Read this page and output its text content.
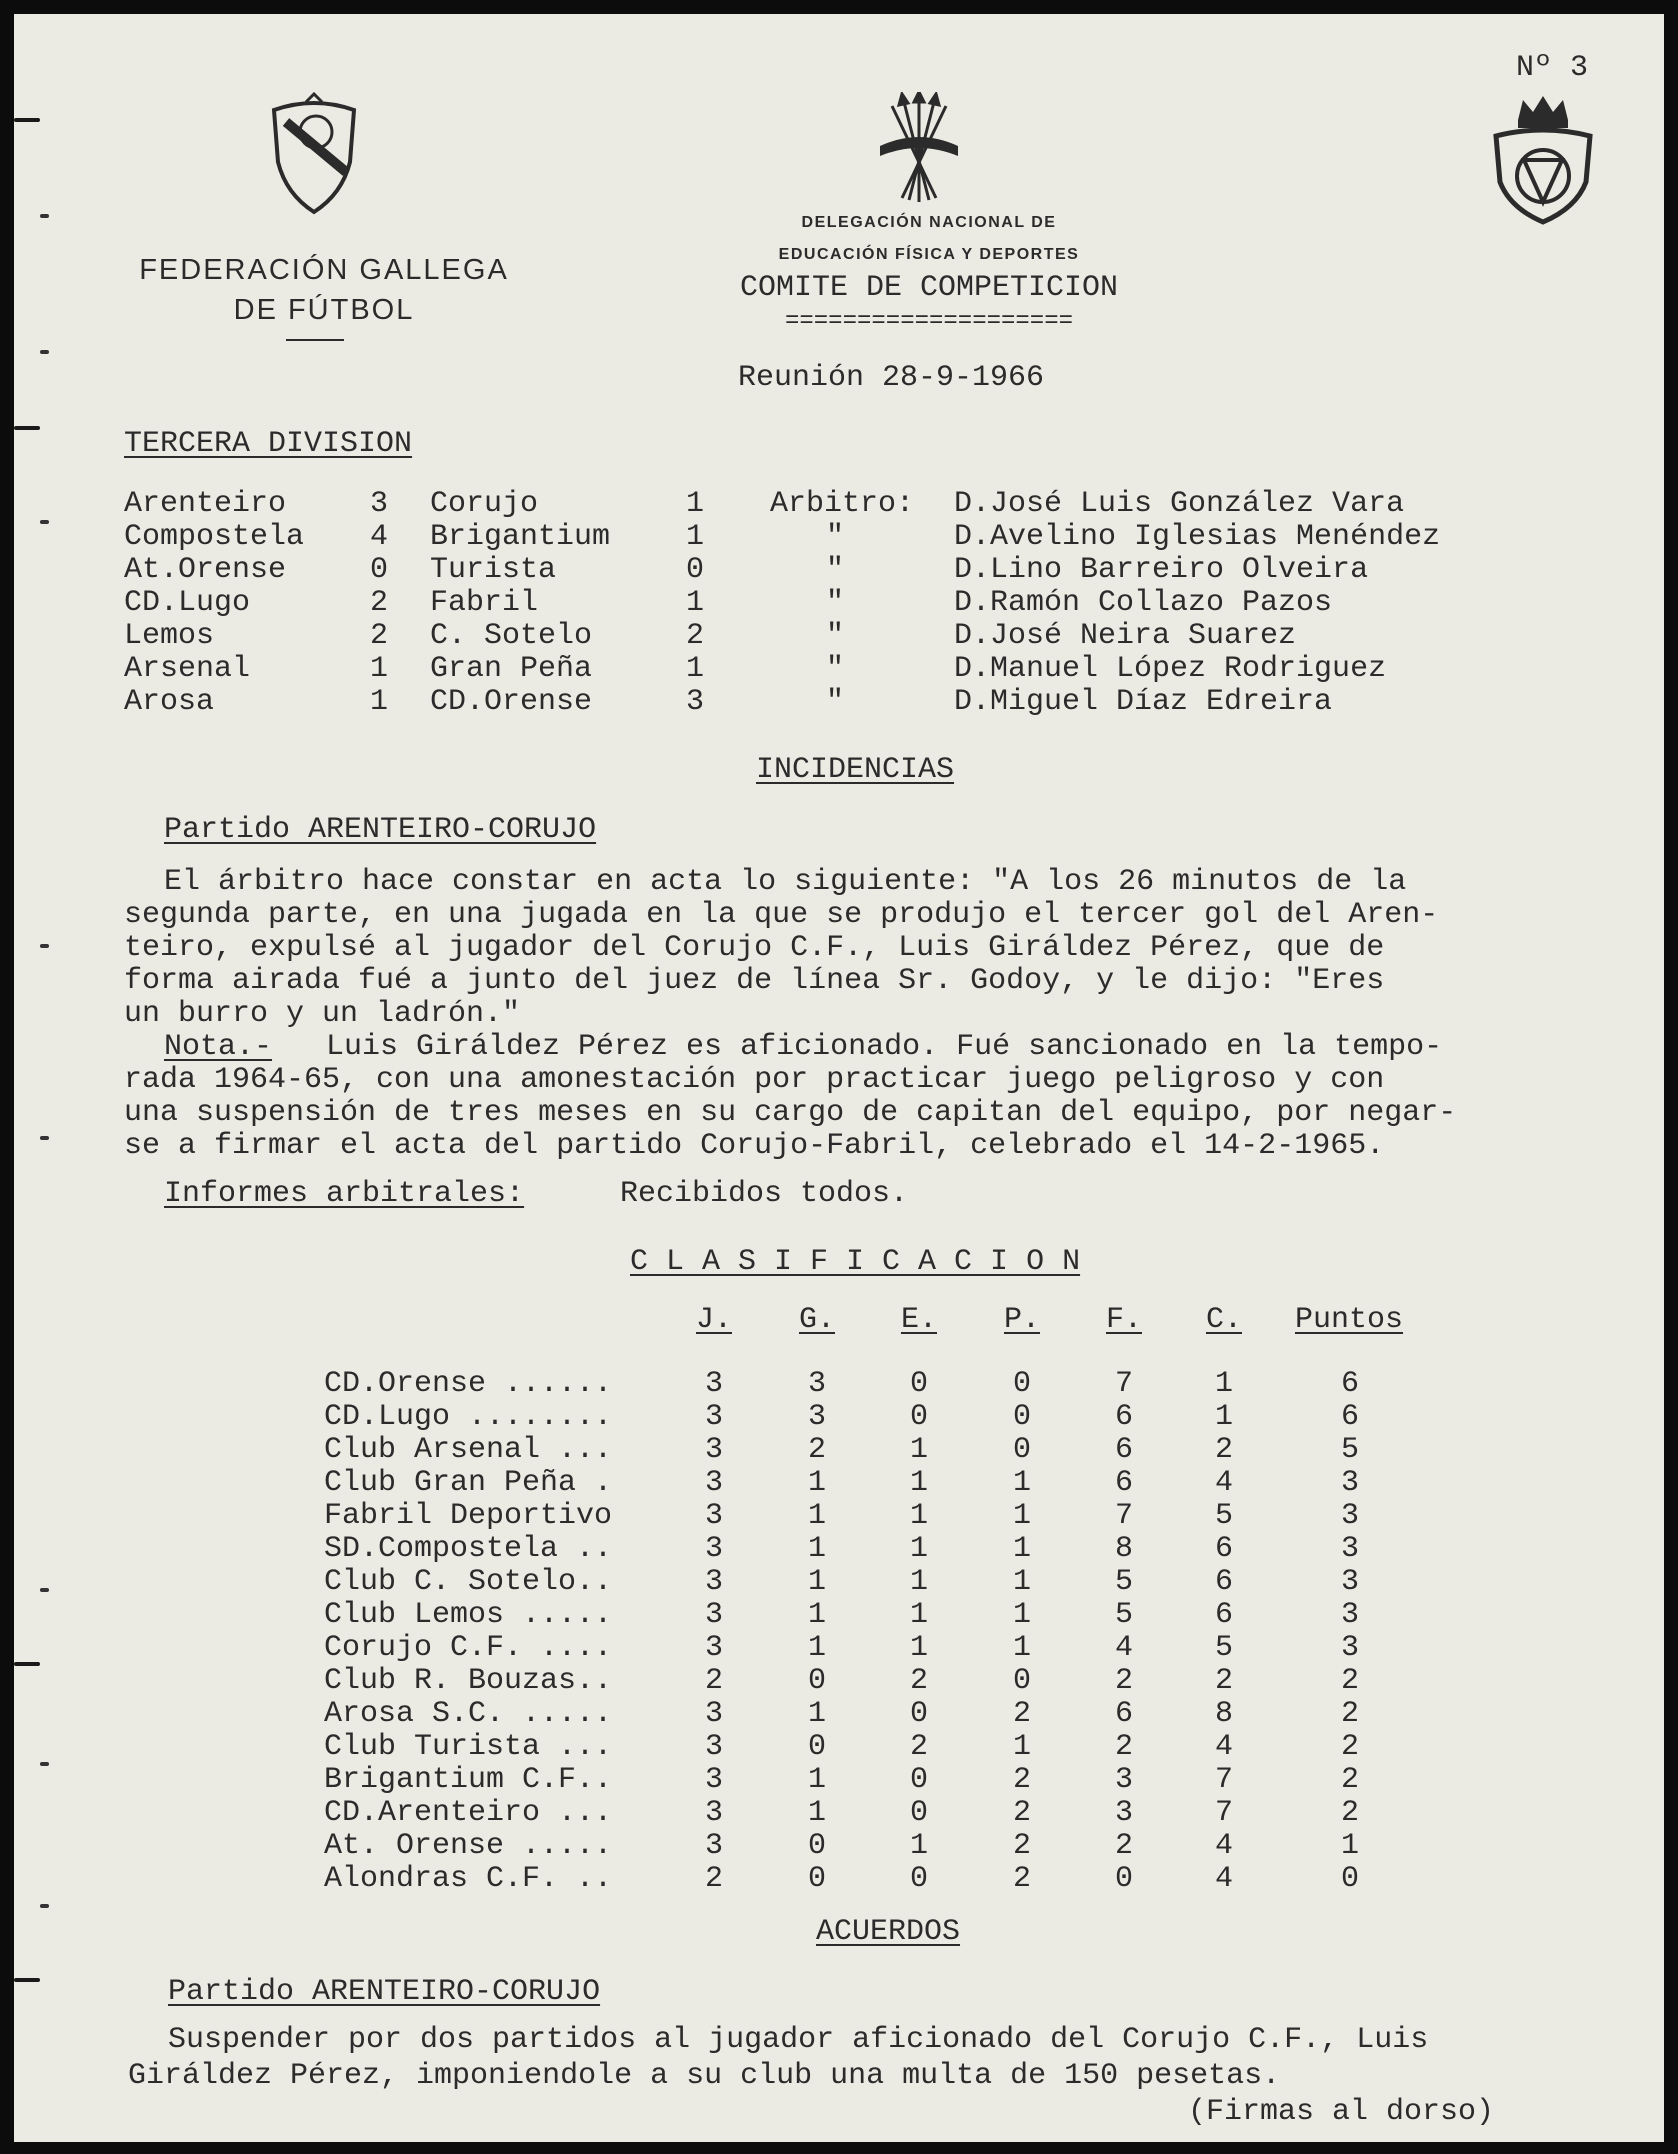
Nº 3
FEDERACIÓN GALLEGA
DE FÚTBOL
DELEGACIÓN NACIONAL DE
EDUCACIÓN FÍSICA Y DEPORTES
COMITE DE COMPETICION
====================
Reunión 28-9-1966
TERCERA DIVISION
Arenteiro	3 Corujo	1 Arbitro: D.José Luis González Vara
Compostela 4 Brigantium	1	"	D.Avelino Iglesias Menéndez
At.Orense	0 Turista	0	"	D.Lino Barreiro Olveira
CD.Lugo	2 Fabril	1	"	D.Ramón Collazo Pazos
Lemos	2 C. Sotelo	2	"	D.José Neira Suarez
Arsenal	1 Gran Peña	1	"	D.Manuel López Rodriguez
Arosa	1 CD.Orense	3	"	D.Miguel Díaz Edreira
INCIDENCIAS
Partido ARENTEIRO-CORUJO
El árbitro hace constar en acta lo siguiente: "A los 26 minutos de la
segunda parte, en una jugada en la que se produjo el tercer gol del Aren-
teiro, expulsé al jugador del Corujo C.F., Luis Giráldez Pérez, que de
forma airada fué a junto del juez de línea Sr. Godoy, y le dijo: "Eres
un burro y un ladrón."
Nota.- Luis Giráldez Pérez es aficionado. Fué sancionado en la tempo-
rada 1964-65, con una amonestación por practicar juego peligroso y con
una suspensión de tres meses en su cargo de capitan del equipo, por negar-
se a firmar el acta del partido Corujo-Fabril, celebrado el 14-2-1965.
Informes arbitrales:	Recibidos todos.
C L A S I F I C A C I O N
J. G. E. P. F. C.	Puntos
CD.Orense ......	3	3	0	0	7	1	6
CD.Lugo ........	3	3	0	0	6	1	6
Club Arsenal ...	3	2	1	0	6	2	5
Club Gran Peña .	3	1	1	1	6	4	3
Fabril Deportivo	3	1	1	1	7	5	3
SD.Compostela ..	3	1	1	1	8	6	3
Club C. Sotelo..	3	1	1	1	5	6	3
Club Lemos .....	3	1	1	1	5	6	3
Corujo C.F. ....	3	1	1	1	4	5	3
Club R. Bouzas..	2	0	2	0	2	2	2
Arosa S.C. .....	3	1	0	2	6	8	2
Club Turista ...	3	0	2	1	2	4	2
Brigantium C.F..	3	1	0	2	3	7	2
CD.Arenteiro ...	3	1	0	2	3	7	2
At. Orense .....	3	0	1	2	2	4	1
Alondras C.F. ..	2	0	0	2	0	4	0
ACUERDOS
Partido ARENTEIRO-CORUJO
Suspender por dos partidos al jugador aficionado del Corujo C.F., Luis
Giráldez Pérez, imponiendole a su club una multa de 150 pesetas.
(Firmas al dorso)
